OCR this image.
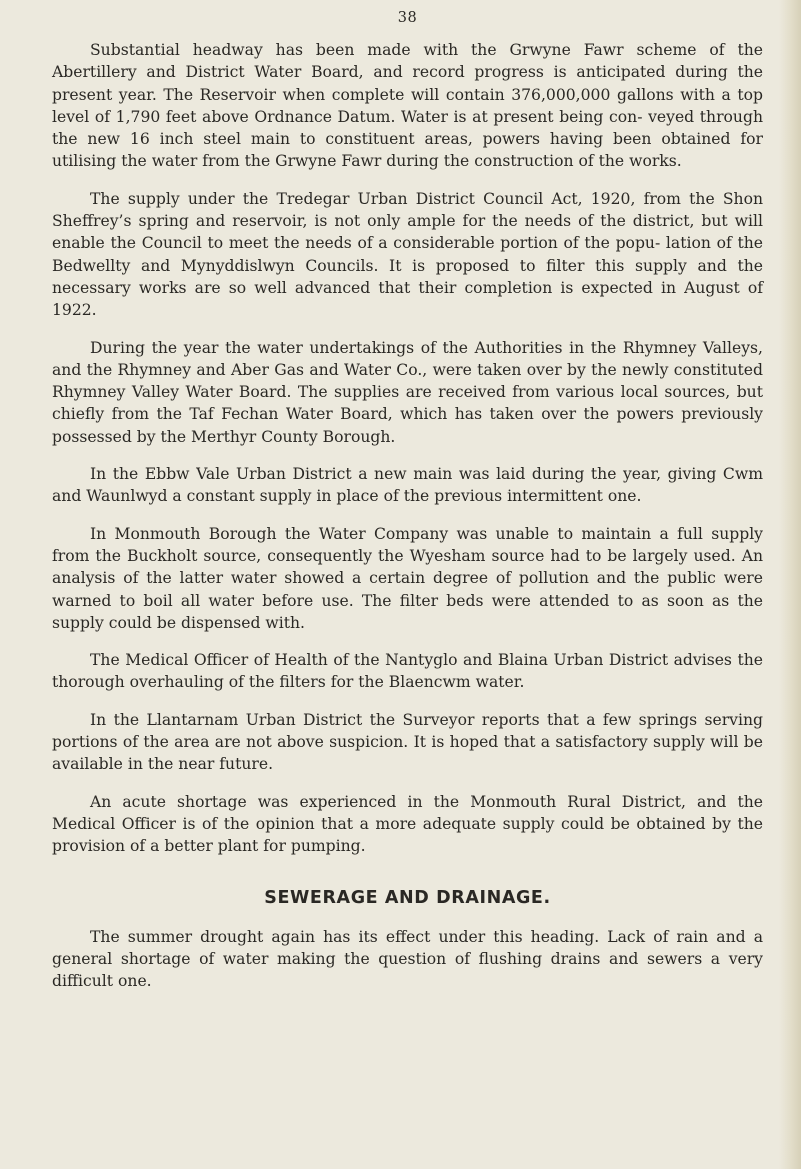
38

Substantial headway has been made with the Grwyne Fawr scheme of the Abertillery and District Water Board, and record progress is anticipated during the present year. The Reservoir when complete will contain 376,000,000 gallons with a top level of 1,790 feet above Ordnance Datum. Water is at present being con- veyed through the new 16 inch steel main to constituent areas, powers having been obtained for utilising the water from the Grwyne Fawr during the construction of the works.

The supply under the Tredegar Urban District Council Act, 1920, from the Shon Sheffrey’s spring and reservoir, is not only ample for the needs of the district, but will enable the Council to meet the needs of a considerable portion of the popu- lation of the Bedwellty and Mynyddislwyn Councils. It is proposed to filter this supply and the necessary works are so well advanced that their completion is expected in August of 1922.

During the year the water undertakings of the Authorities in the Rhymney Valleys, and the Rhymney and Aber Gas and Water Co., were taken over by the newly constituted Rhymney Valley Water Board. The supplies are received from various local sources, but chiefly from the Taf Fechan Water Board, which has taken over the powers previously possessed by the Merthyr County Borough.

In the Ebbw Vale Urban District a new main was laid during the year, giving Cwm and Waunlwyd a constant supply in place of the previous intermittent one.

In Monmouth Borough the Water Company was unable to maintain a full supply from the Buckholt source, consequently the Wyesham source had to be largely used. An analysis of the latter water showed a certain degree of pollution and the public were warned to boil all water before use. The filter beds were attended to as soon as the supply could be dispensed with.

The Medical Officer of Health of the Nantyglo and Blaina Urban District advises the thorough overhauling of the filters for the Blaencwm water.

In the Llantarnam Urban District the Surveyor reports that a few springs serving portions of the area are not above suspicion. It is hoped that a satisfactory supply will be available in the near future.

An acute shortage was experienced in the Monmouth Rural District, and the Medical Officer is of the opinion that a more adequate supply could be obtained by the provision of a better plant for pumping.

SEWERAGE AND DRAINAGE.

The summer drought again has its effect under this heading. Lack of rain and a general shortage of water making the question of flushing drains and sewers a very difficult one.
